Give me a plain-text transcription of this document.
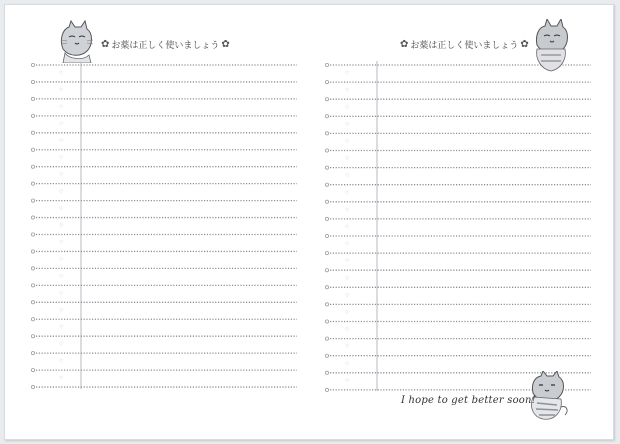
♡
♡
♡
♡
♡
♡
♡
♡
♡
♡
♡
♡
♡
♡
♡
♡
♡
♡
♡
✿ お薬は正しく使いましょう ✿
♡
♡
♡
♡
♡
♡
♡
♡
♡
♡
♡
♡
♡
♡
♡
♡
♡
♡
♡
✿ お薬は正しく使いましょう ✿
I hope to get better soon!
